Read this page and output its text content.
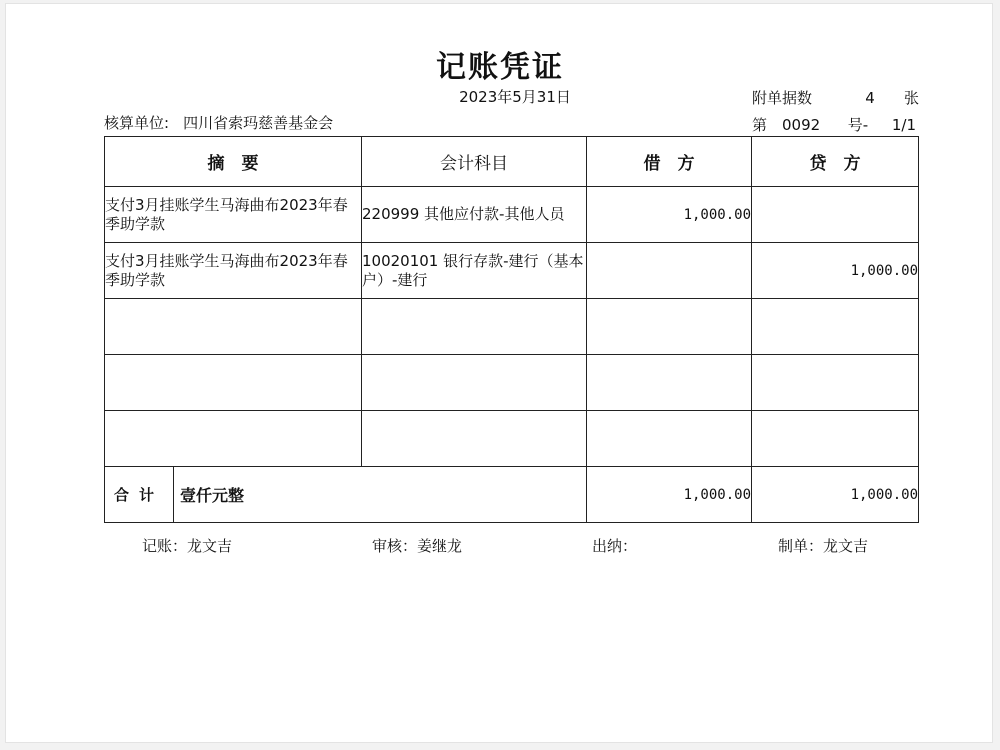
记账凭证
2023年5月31日
核算单位: 四川省索玛慈善基金会
附单据数	4 张
第 0092 号- 1/1
摘　要	会计科目	借　方	贷　方
支付3月挂账学生马海曲布2023年春季助学款	220999 其他应付款-其他人员	1,000.00	
支付3月挂账学生马海曲布2023年春季助学款	10020101 银行存款-建行（基本户）-建行		1,000.00

合计 壹仟元整		1,000.00	1,000.00
记账：龙文吉	审核：姜继龙	出纳：	制单：龙文吉
